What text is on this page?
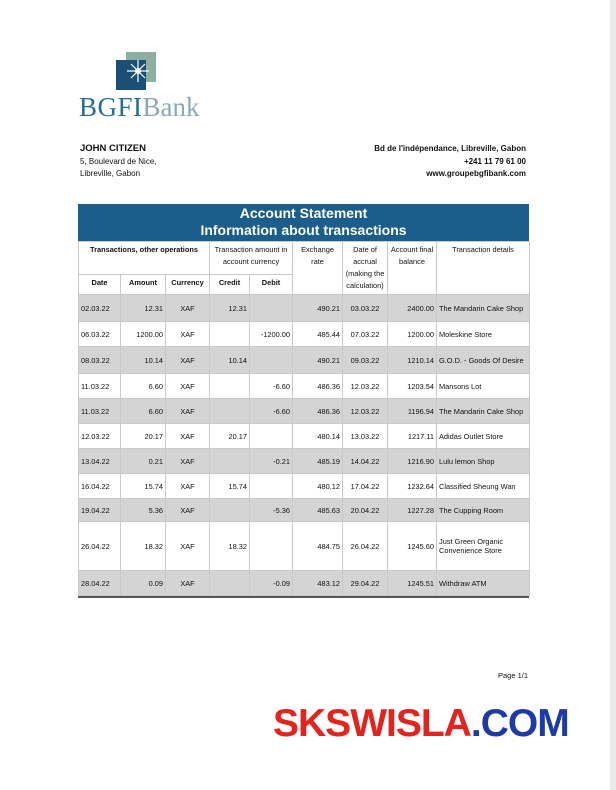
BGFIBank
JOHN CITIZEN
5, Boulevard de Nice,
Libreville, Gabon
Bd de l'indépendance, Libreville, Gabon
+241 11 79 61 00
www.groupebgfibank.com
Account Statement
Information about transactions
Transactions, other operations			Transaction amount in account currency		Exchange rate	Date of accrual (making the calculation)	Account final balance	Transaction details
Date	Amount	Currency	Credit	Debit				
02.03.22	12.31	XAF	12.31		490.21	03.03.22	2400.00	The Mandarin Cake Shop
06.03.22	1200.00	XAF		-1200.00	485.44	07.03.22	1200.00	Moleskine Store
08.03.22	10.14	XAF	10.14		490.21	09.03.22	1210.14	G.O.D. - Goods Of Desire
11.03.22	6.60	XAF		-6.60	486.36	12.03.22	1203.54	Mansons Lot
11.03.22	6.60	XAF		-6.60	486.36	12.03.22	1196.94	The Mandarin Cake Shop
12.03.22	20.17	XAF	20.17		480.14	13.03.22	1217.11	Adidas Outlet Store
13.04.22	0.21	XAF		-0.21	485.19	14.04.22	1216.90	Lulu lemon Shop
16.04.22	15.74	XAF	15.74		480.12	17.04.22	1232.64	Classified Sheung Wan
19.04.22	5.36	XAF		-5.36	485.63	20.04.22	1227.28	The Cupping Room
26.04.22	18.32	XAF	18.32		484.75	26.04.22	1245.60	Just Green Organic Convenience Store
28.04.22	0.09	XAF		-0.09	483.12	29.04.22	1245.51	Withdraw ATM
Page 1/1
SKSWISLA.COM
